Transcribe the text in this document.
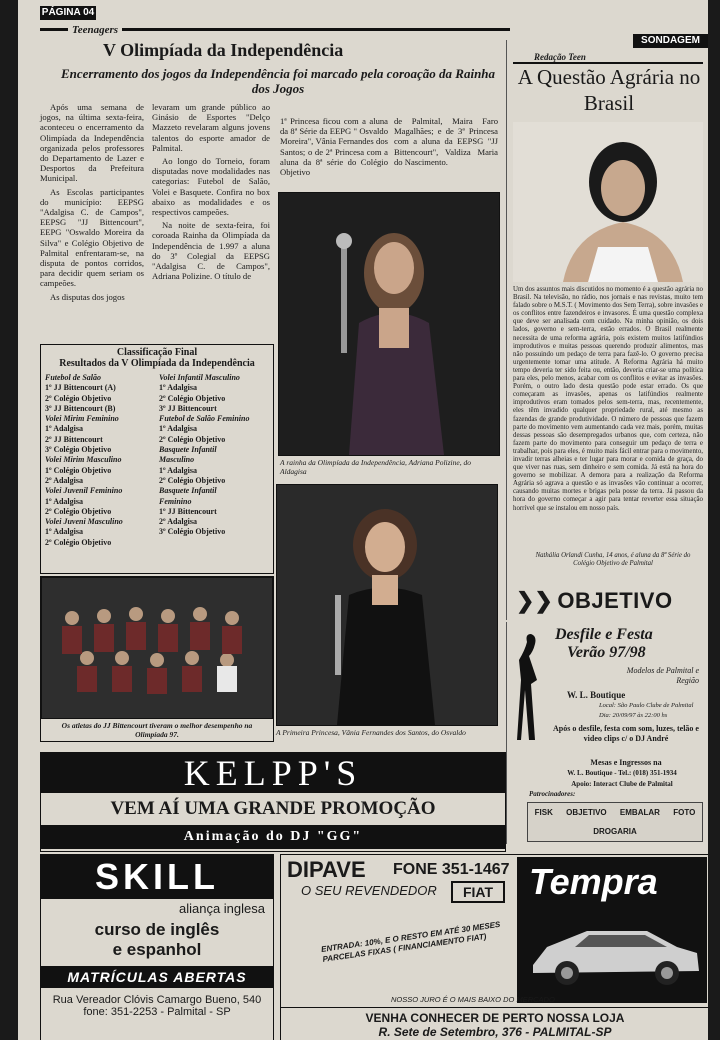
PÁGINA 04
Teenagers
SONDAGEM
V Olimpíada da Independência
Encerramento dos jogos da Independência foi marcado pela coroação da Rainha dos Jogos

Após uma semana de jogos, na última sexta-feira, aconteceu o encerramento da Olimpíada da Independência organizada pelos professores do Departamento de Lazer e Desportos da Prefeitura Municipal.

As Escolas participantes do município: EEPSG "Adalgisa C. de Campos", EEPSG "JJ Bittencourt", EEPG "Oswaldo Moreira da Silva" e Colégio Objetivo de Palmital enfrentaram-se, na disputa de pontos corridos, para decidir quem seriam os campeões.

As disputas dos jogos

levaram um grande público ao Ginásio de Esportes "Delço Mazzeto revelaram alguns jovens talentos do esporte amador de Palmital.

Ao longo do Torneio, foram disputadas nove modalidades nas categorias: Futebol de Salão, Volei e Basquete. Confira no box abaixo as modalidades e os respectivos campeões.

Na noite de sexta-feira, foi coroada Rainha da Olimpíada da Independência de 1.997 a aluna do 3º Colegial da EEPSG "Adalgisa C. de Campos", Adriana Polizine. O título de

1ª Princesa ficou com a aluna da 8ª Série da EEPG " Osvaldo Moreira", Vânia Fernandes dos Santos; o de 2ª Princesa com a aluna da 8ª série do Colégio Objetivo

de Palmital, Maira Faro Magalhães; e de 3ª Princesa com a aluna da EEPSG "JJ Bittencourt", Valdiza Maria do Nascimento.

A rainha da Olimpíada da Independência, Adriana Polizine, do Aldagisa
A Primeira Princesa, Vânia Fernandes dos Santos, do Osvaldo
Classificação Final
Resultados da V Olimpíada da Independência
Futebol de Salão
1º JJ Bittencourt (A)
2º Colégio Objetivo
3º JJ Bittencourt (B)
Volei Mirim Feminino
1º Adalgisa
2º JJ Bittencourt
3º Colégio Objetivo
Volei Mirim Masculino
1º Colégio Objetivo
2º Adalgisa
Volei Juvenil Feminino
1º Adalgisa
2º Colégio Objetivo
Volei Juveni Masculino
1º Adalgisa
2º Colégio Objetivo
Volei Infantil Masculino
1º Adalgisa
2º Colégio Objetivo
3º JJ Bittencourt
Futebol de Salão Feminino
1º Adalgisa
2º Colégio Objetivo
Basquete Infantil
Masculino
1º Adalgisa
2º Colégio Objetivo
Basquete Infantil
Feminino
1º JJ Bittencourt
2º Adalgisa
3º Colégio Objetivo
Os atletas do JJ Bittencourt tiveram o melhor desempenho na Olimpíada 97.
Redação Teen
A Questão Agrária no Brasil
Um dos assuntos mais discutidos no momento é a questão agrária no Brasil. Na televisão, no rádio, nos jornais e nas revistas, muito tem falado sobre o M.S.T. ( Movimento dos Sem Terra), sobre invasões e os conflitos entre fazendeiros e invasores. É uma questão complexa que deve ser analisada com cuidado. Na minha opinião, os dois lados, governo e sem-terra, estão errados. O Brasil realmente necessita de uma reforma agrária, pois existem muitos latifúndios improdutivos e muitas pessoas querendo produzir alimentos, mas não possuindo um pedaço de terra para fazê-lo. O governo precisa urgentemente tomar uma atitude. A Reforma Agrária há muito tempo deveria ter sido feita ou, então, deveria criar-se uma política para eles, pelo menos, acabar com os conflitos e evitar as invasões. Porém, o outro lado desta questão pode estar errado. Os que começaram as invasões, apenas os latifúndios realmente improdutivos eram tomados pelos sem-terra, mas, recentemente, eles têm invadido qualquer propriedade rural, até mesmo as fazendas de grande produtividade. O número de pessoas que fazem parte do movimento vem aumentando cada vez mais, porém, muitas dessas pessoas são desempregados urbanos que, com certeza, não fazem parte do movimento para conseguir um pedaço de terra e trabalhar, pois para eles, é muito mais fácil entrar para o movimento, invadir terras alheias e ter lugar para morar e comida de graça, do que viver nas ruas, sem dinheiro e sem comida. Já está na hora do governo se mobilizar. A demora para a realização da Reforma Agrária só agrava a questão e as invasões vão continuar a ocorrer, causando muitas mortes e brigas pela posse da terra. Já passou da hora do governo começar a agir para tentar reverter essa situação horrível que se instalou em nosso país.
Nathália Orlandi Cunha, 14 anos, é aluna da 8ª Série do Colégio Objetivo de Palmital
❯❯ OBJETIVO
Desfile e Festa
Verão 97/98
Modelos de Palmital e Região
W. L. Boutique
Local: São Paulo Clube de Palmital
Dia: 20/09/97 às 22:00 hs
Após o desfile, festa com som, luzes, telão e video clips c/ o DJ André
Mesas e Ingressos na
W. L. Boutique - Tel.: (018) 351-1934
Apoio: Interact Clube de Palmital
Patrocinadores:
FISK	OBJETIVO	EMBALAR	FOTO
DROGARIA
KELPP'S
VEM AÍ UMA GRANDE PROMOÇÃO
Animação do DJ "GG"
SKILL
aliança inglesa
curso de inglês
e espanhol
MATRÍCULAS ABERTAS
Rua Vereador Clóvis Camargo Bueno, 540
fone: 351-2253 - Palmital - SP
DIPAVE FONE 351-1467
O SEU REVENDEDOR	FIAT Tempra
ENTRADA: 10%, E O RESTO EM ATÉ 30 MESES PARCELAS FIXAS ( FINANCIAMENTO FIAT)
NOSSO JURO É O MAIS BAIXO DO MERCADO
VENHA CONHECER DE PERTO NOSSA LOJA
R. Sete de Setembro, 376 - PALMITAL-SP
